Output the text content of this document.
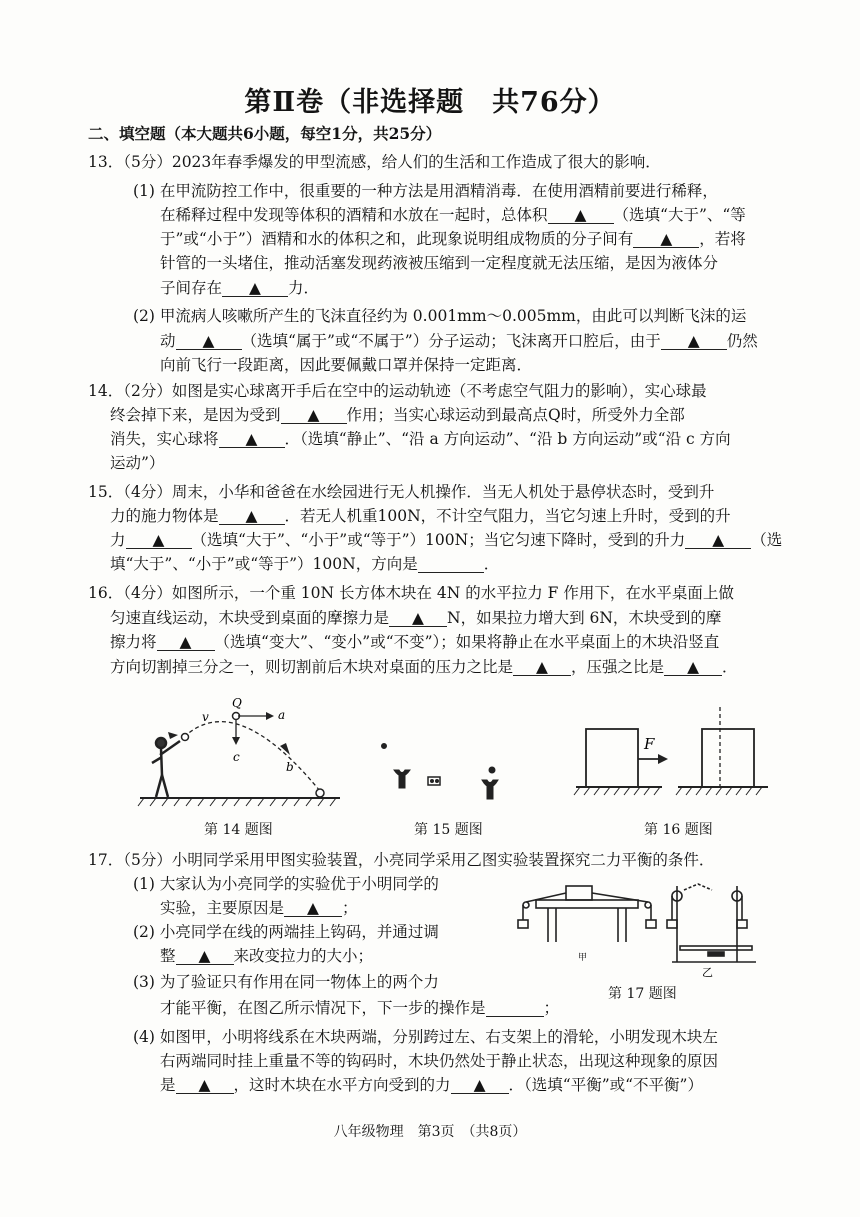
第Ⅱ卷（非选择题　共76分）
二、填空题（本大题共6小题，每空1分，共25分）
13．（5分）2023年春季爆发的甲型流感，给人们的生活和工作造成了很大的影响．
(1) 在甲流防控工作中，很重要的一种方法是用酒精消毒．在使用酒精前要进行稀释，
在稀释过程中发现等体积的酒精和水放在一起时，总体积 ▲ （选填“大于”、“等
于”或“小于”）酒精和水的体积之和，此现象说明组成物质的分子间有 ▲ ，若将
针管的一头堵住，推动活塞发现药液被压缩到一定程度就无法压缩，是因为液体分
子间存在 ▲ 力．
(2) 甲流病人咳嗽所产生的飞沫直径约为 0.001mm～0.005mm，由此可以判断飞沫的运
动 ▲ （选填“属于”或“不属于”）分子运动；飞沫离开口腔后，由于 ▲ 仍然
向前飞行一段距离，因此要佩戴口罩并保持一定距离．
14．（2分）如图是实心球离开手后在空中的运动轨迹（不考虑空气阻力的影响），实心球最
终会掉下来，是因为受到 ▲ 作用；当实心球运动到最高点Q时，所受外力全部
消失，实心球将 ▲ ．（选填“静止”、“沿 a 方向运动”、“沿 b 方向运动”或“沿 c 方向
运动”）
15．（4分）周末，小华和爸爸在水绘园进行无人机操作．当无人机处于悬停状态时，受到升
力的施力物体是 ▲ ．若无人机重100N，不计空气阻力，当它匀速上升时，受到的升
力 ▲ （选填“大于”、“小于”或“等于”）100N；当它匀速下降时，受到的升力 ▲ （选
填“大于”、“小于”或“等于”）100N，方向是	．
16．（4分）如图所示，一个重 10N 长方体木块在 4N 的水平拉力 F 作用下，在水平桌面上做
匀速直线运动，木块受到桌面的摩擦力是 ▲ N，如果拉力增大到 6N，木块受到的摩
擦力将 ▲ （选填“变大”、“变小”或“不变”）；如果将静止在水平桌面上的木块沿竖直
方向切割掉三分之一，则切割前后木块对桌面的压力之比是 ▲ ，压强之比是 ▲ ．
v
Q
a
c
b
第 14 题图	第 15 题图
F
第 16 题图
17．（5分）小明同学采用甲图实验装置，小亮同学采用乙图实验装置探究二力平衡的条件．
(1) 大家认为小亮同学的实验优于小明同学的
实验，主要原因是 ▲ ；
(2) 小亮同学在线的两端挂上钩码，并通过调
整 ▲ 来改变拉力的大小；
(3) 为了验证只有作用在同一物体上的两个力
才能平衡，在图乙所示情况下，下一步的操作是	；
(4) 如图甲，小明将线系在木块两端，分别跨过左、右支架上的滑轮，小明发现木块左
右两端同时挂上重量不等的钩码时，木块仍然处于静止状态，出现这种现象的原因
是 ▲ ，这时木块在水平方向受到的力 ▲ ．（选填“平衡”或“不平衡”）
甲
乙
第 17 题图
八年级物理　第3页　（共8页）
